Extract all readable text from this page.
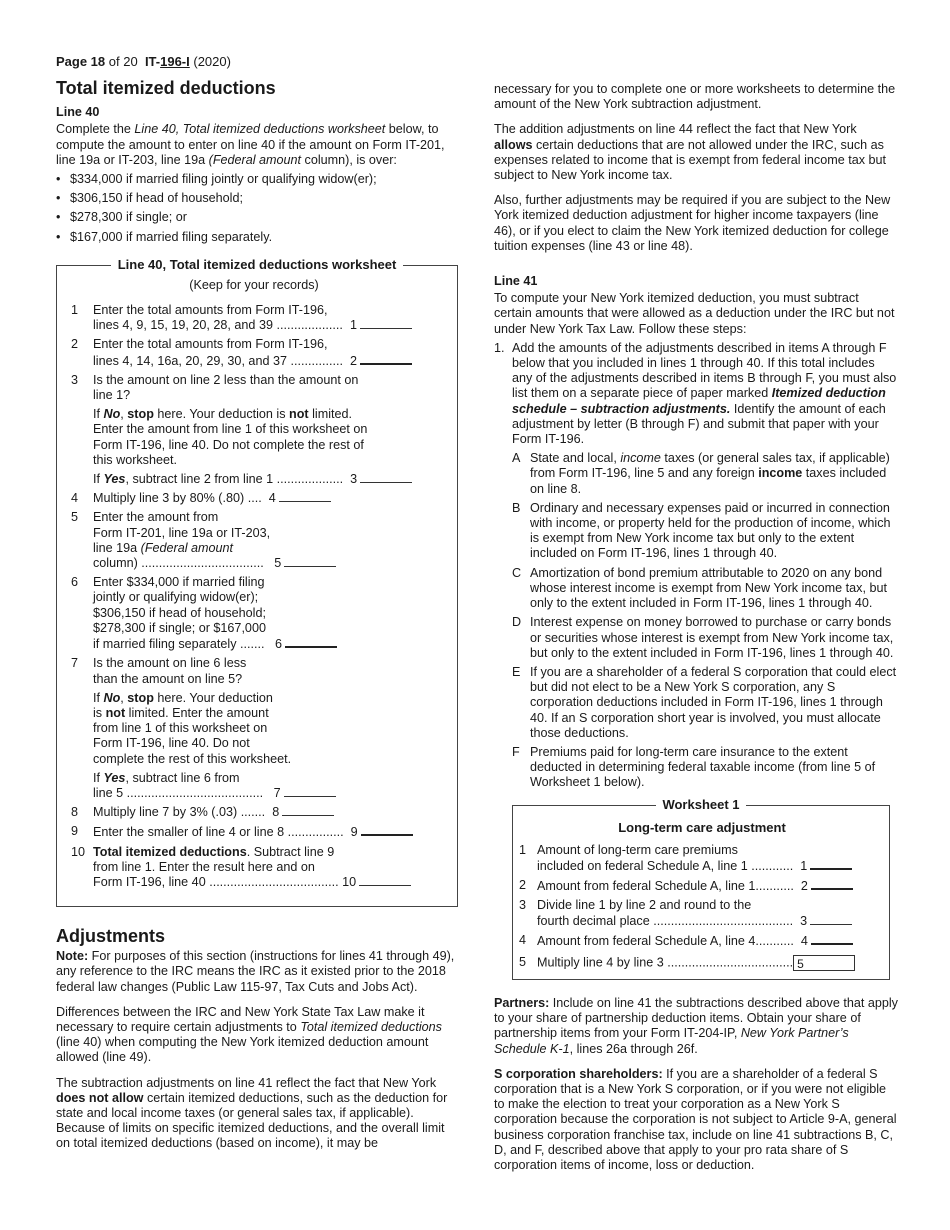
Page 18 of 20 IT-196-I (2020)
Total itemized deductions
Line 40

Complete the Line 40, Total itemized deductions worksheet below, to compute the amount to enter on line 40 if the amount on Form IT-201, line 19a or IT-203, line 19a (Federal amount column), is over:

• $334,000 if married filing jointly or qualifying widow(er);
• $306,150 if head of household;
• $278,300 if single; or
• $167,000 if married filing separately.
Line 40, Total itemized deductions worksheet
(Keep for your records)
1	Enter the total amounts from Form IT-196,
lines 4, 9, 15, 19, 20, 28, and 39 ................... 1
2	Enter the total amounts from Form IT-196,
lines 4, 14, 16a, 20, 29, 30, and 37 ............... 2
3	Is the amount on line 2 less than the amount on line 1?
If No, stop here. Your deduction is not limited. Enter the amount from line 1 of this worksheet on Form IT-196, line 40. Do not complete the rest of this worksheet.
If Yes, subtract line 2 from line 1 ................... 3
4	Multiply line 3 by 80% (.80) .... 4
5	Enter the amount from
Form IT-201, line 19a or IT-203,
line 19a (Federal amount
column) ................................... 5
6	Enter $334,000 if married filing
jointly or qualifying widow(er);
$306,150 if head of household;
$278,300 if single; or $167,000
if married filing separately ....... 6
7	Is the amount on line 6 less
than the amount on line 5?
If No, stop here. Your deduction
is not limited. Enter the amount
from line 1 of this worksheet on
Form IT-196, line 40. Do not
complete the rest of this worksheet.
If Yes, subtract line 6 from
line 5 ....................................... 7
8	Multiply line 7 by 3% (.03) ....... 8
9	Enter the smaller of line 4 or line 8 ................ 9
10 Total itemized deductions. Subtract line 9
from line 1. Enter the result here and on
Form IT-196, line 40 ..................................... 10
Adjustments

Note: For purposes of this section (instructions for lines 41 through 49), any reference to the IRC means the IRC as it existed prior to the 2018 federal law changes (Public Law 115-97, Tax Cuts and Jobs Act).

Differences between the IRC and New York State Tax Law make it necessary to require certain adjustments to Total itemized deductions (line 40) when computing the New York itemized deduction amount allowed (line 49).

The subtraction adjustments on line 41 reflect the fact that New York does not allow certain itemized deductions, such as the deduction for state and local income taxes (or general sales tax, if applicable). Because of limits on specific itemized deductions, and the overall limit on total itemized deductions (based on income), it may be

necessary for you to complete one or more worksheets to determine the amount of the New York subtraction adjustment.

The addition adjustments on line 44 reflect the fact that New York allows certain deductions that are not allowed under the IRC, such as expenses related to income that is exempt from federal income tax but subject to New York income tax.

Also, further adjustments may be required if you are subject to the New York itemized deduction adjustment for higher income taxpayers (line 46), or if you elect to claim the New York itemized deduction for college tuition expenses (line 43 or line 48).

Line 41

To compute your New York itemized deduction, you must subtract certain amounts that were allowed as a deduction under the IRC but not under New York Tax Law. Follow these steps:

1. Add the amounts of the adjustments described in items A through F below that you included in lines 1 through 40. If this total includes any of the adjustments described in items B through F, you must also list them on a separate piece of paper marked Itemized deduction schedule – subtraction adjustments. Identify the amount of each adjustment by letter (B through F) and submit that paper with your Form IT-196.
A State and local, income taxes (or general sales tax, if applicable) from Form IT-196, line 5 and any foreign income taxes included on line 8.
B Ordinary and necessary expenses paid or incurred in connection with income, or property held for the production of income, which is exempt from New York income tax but only to the extent included on Form IT-196, lines 1 through 40.
C Amortization of bond premium attributable to 2020 on any bond whose interest income is exempt from New York income tax, but only to the extent included in Form IT-196, lines 1 through 40.
D Interest expense on money borrowed to purchase or carry bonds or securities whose interest is exempt from New York income tax, but only to the extent included in Form IT-196, lines 1 through 40.
E If you are a shareholder of a federal S corporation that could elect but did not elect to be a New York S corporation, any S corporation deductions included in Form IT-196, lines 1 through 40. If an S corporation short year is involved, you must allocate those deductions.
F Premiums paid for long-term care insurance to the extent deducted in determining federal taxable income (from line 5 of Worksheet 1 below).
Worksheet 1
Long-term care adjustment
1 Amount of long-term care premiums
included on federal Schedule A, line 1 ............ 1
2 Amount from federal Schedule A, line 1........... 2
3 Divide line 1 by line 2 and round to the
fourth decimal place ........................................ 3
4 Amount from federal Schedule A, line 4........... 4
5 Multiply line 4 by line 3 .................................... 5

Partners: Include on line 41 the subtractions described above that apply to your share of partnership deduction items. Obtain your share of partnership items from your Form IT-204-IP, New York Partner’s Schedule K-1, lines 26a through 26f.

S corporation shareholders: If you are a shareholder of a federal S corporation that is a New York S corporation, or if you were not eligible to make the election to treat your corporation as a New York S corporation because the corporation is not subject to Article 9-A, general business corporation franchise tax, include on line 41 subtractions B, C, D, and F, described above that apply to your pro rata share of S corporation items of income, loss or deduction.
